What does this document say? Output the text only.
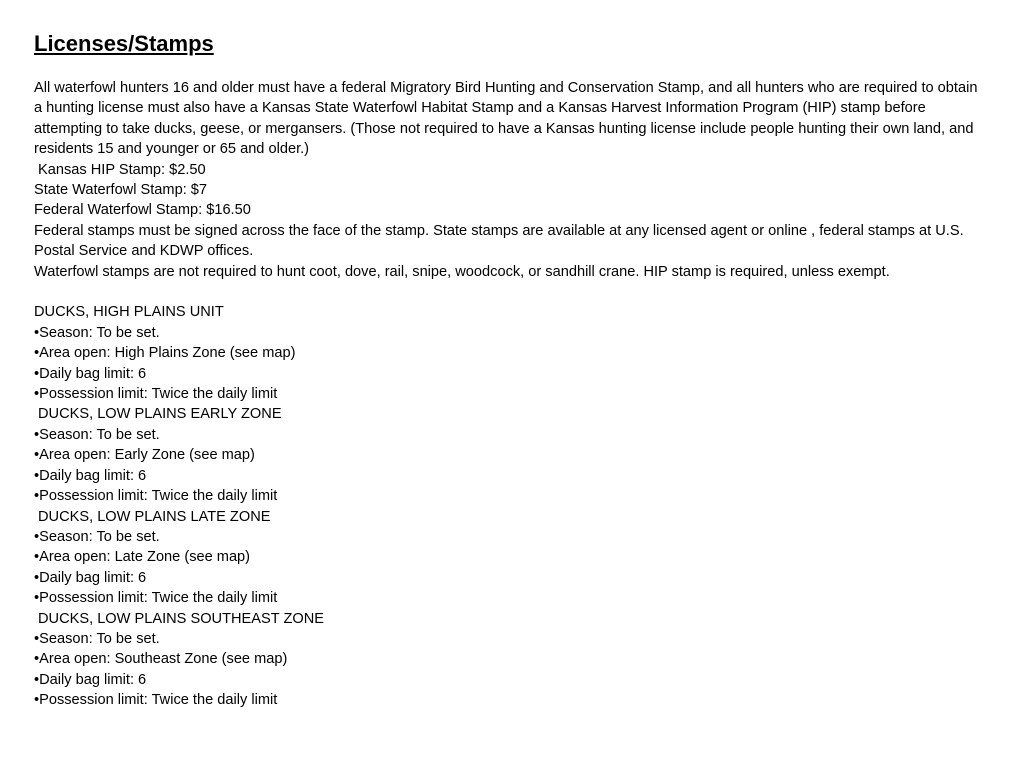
Licenses/Stamps

All waterfowl hunters 16 and older must have a federal Migratory Bird Hunting and Conservation Stamp, and all hunters who are required to obtain a hunting license must also have a Kansas State Waterfowl Habitat Stamp and a Kansas Harvest Information Program (HIP) stamp before attempting to take ducks, geese, or mergansers. (Those not required to have a Kansas hunting license include people hunting their own land, and residents 15 and younger or 65 and older.)

Kansas HIP Stamp: $2.50
State Waterfowl Stamp: $7
Federal Waterfowl Stamp: $16.50

Federal stamps must be signed across the face of the stamp. State stamps are available at any licensed agent or online , federal stamps at U.S. Postal Service and KDWP offices.

Waterfowl stamps are not required to hunt coot, dove, rail, snipe, woodcock, or sandhill crane. HIP stamp is required, unless exempt.

DUCKS, HIGH PLAINS UNIT
•Season: To be set.
•Area open: High Plains Zone (see map)
•Daily bag limit: 6
•Possession limit: Twice the daily limit
DUCKS, LOW PLAINS EARLY ZONE
•Season: To be set.
•Area open: Early Zone (see map)
•Daily bag limit: 6
•Possession limit: Twice the daily limit
DUCKS, LOW PLAINS LATE ZONE
•Season: To be set.
•Area open: Late Zone (see map)
•Daily bag limit: 6
•Possession limit: Twice the daily limit
DUCKS, LOW PLAINS SOUTHEAST ZONE
•Season: To be set.
•Area open: Southeast Zone (see map)
•Daily bag limit: 6
•Possession limit: Twice the daily limit
